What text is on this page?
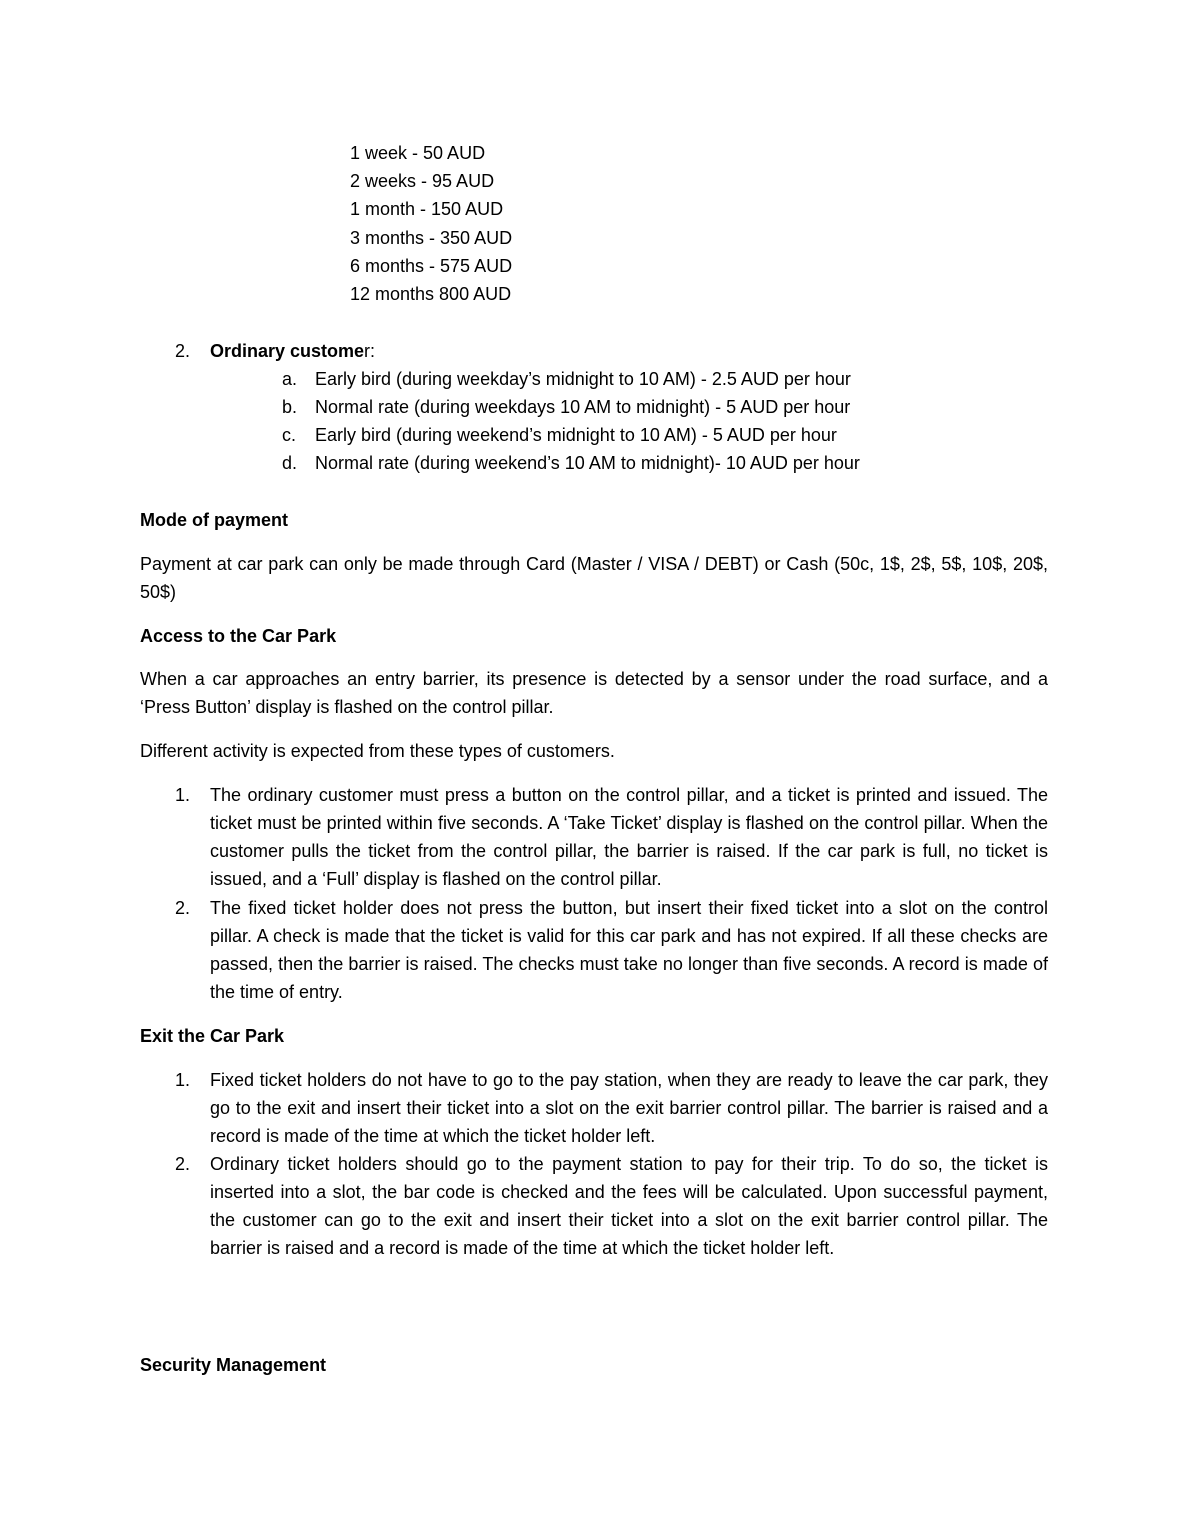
1 week - 50 AUD
2 weeks - 95 AUD
1 month - 150 AUD
3 months - 350 AUD
6 months - 575 AUD
12 months 800 AUD
2.	Ordinary customer:
a. Early bird (during weekday’s midnight to 10 AM) - 2.5 AUD per hour
b. Normal rate (during weekdays 10 AM to midnight) - 5 AUD per hour
c. Early bird (during weekend’s midnight to 10 AM) - 5 AUD per hour
d. Normal rate (during weekend’s 10 AM to midnight)- 10 AUD per hour
Mode of payment

Payment at car park can only be made through Card (Master / VISA / DEBT) or Cash (50c, 1$, 2$, 5$, 10$, 20$, 50$)

Access to the Car Park

When a car approaches an entry barrier, its presence is detected by a sensor under the road surface, and a ‘Press Button’ display is flashed on the control pillar.

Different activity is expected from these types of customers.

1.	The ordinary customer must press a button on the control pillar, and a ticket is printed and issued. The ticket must be printed within five seconds. A ‘Take Ticket’ display is flashed on the control pillar. When the customer pulls the ticket from the control pillar, the barrier is raised. If the car park is full, no ticket is issued, and a ‘Full’ display is flashed on the control pillar.

2.	The fixed ticket holder does not press the button, but insert their fixed ticket into a slot on the control pillar. A check is made that the ticket is valid for this car park and has not expired. If all these checks are passed, then the barrier is raised. The checks must take no longer than five seconds. A record is made of the time of entry.

Exit the Car Park
1.	Fixed ticket holders do not have to go to the pay station, when they are ready to leave the car park, they go to the exit and insert their ticket into a slot on the exit barrier control pillar. The barrier is raised and a record is made of the time at which the ticket holder left.

2.	Ordinary ticket holders should go to the payment station to pay for their trip. To do so, the ticket is inserted into a slot, the bar code is checked and the fees will be calculated. Upon successful payment, the customer can go to the exit and insert their ticket into a slot on the exit barrier control pillar. The barrier is raised and a record is made of the time at which the ticket holder left.

Security Management
